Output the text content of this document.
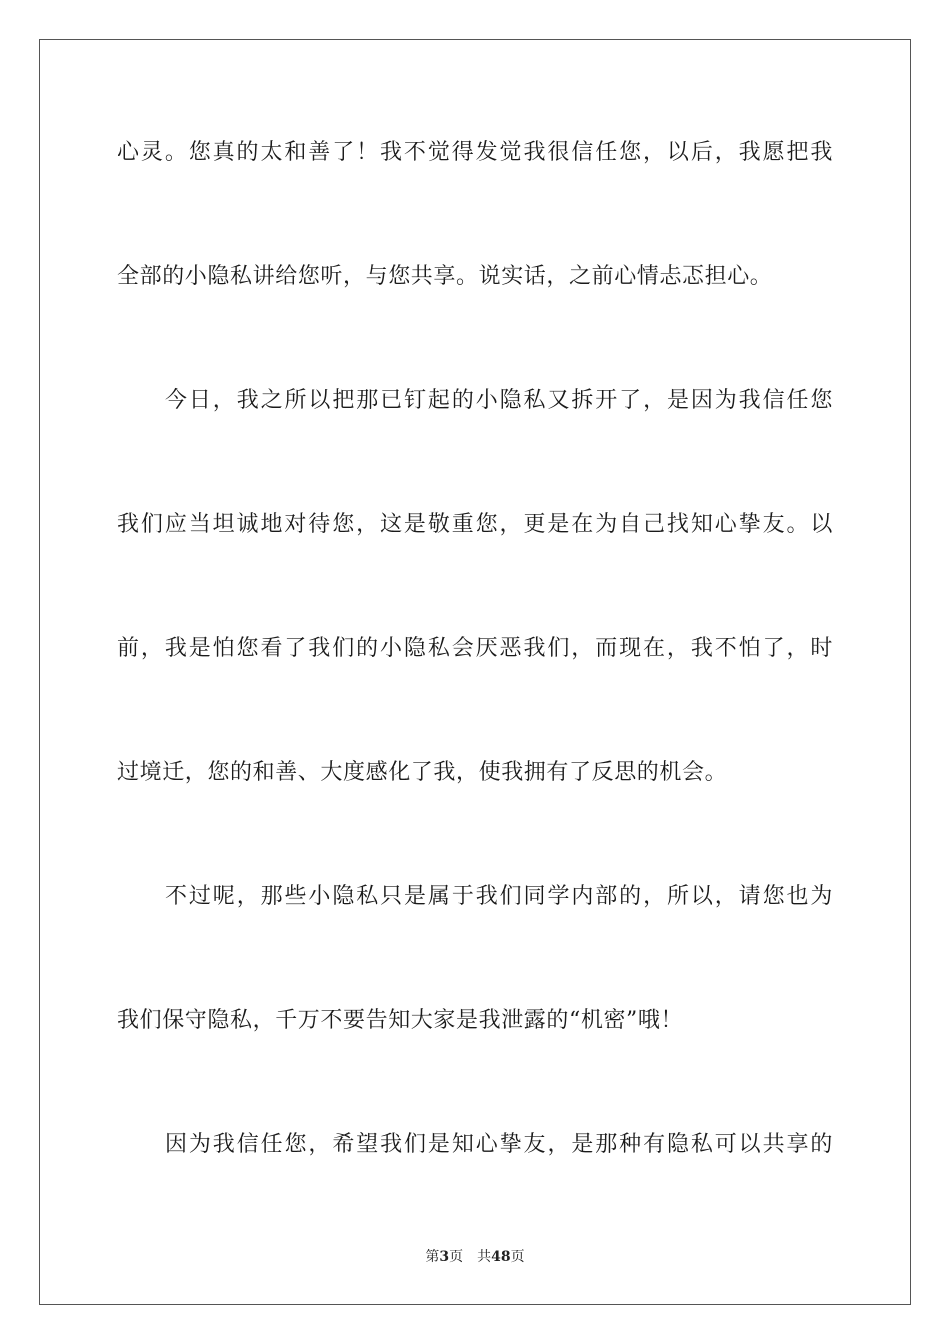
心灵。您真的太和善了！我不觉得发觉我很信任您，以后，我愿把我
全部的小隐私讲给您听，与您共享。说实话，之前心情忐忑担心。
今日，我之所以把那已钉起的小隐私又拆开了，是因为我信任您
我们应当坦诚地对待您，这是敬重您，更是在为自己找知心挚友。以
前，我是怕您看了我们的小隐私会厌恶我们，而现在，我不怕了，时
过境迁，您的和善、大度感化了我，使我拥有了反思的机会。
不过呢，那些小隐私只是属于我们同学内部的，所以，请您也为
我们保守隐私，千万不要告知大家是我泄露的“机密”哦！
因为我信任您，希望我们是知心挚友，是那种有隐私可以共享的
第3页 共48页
